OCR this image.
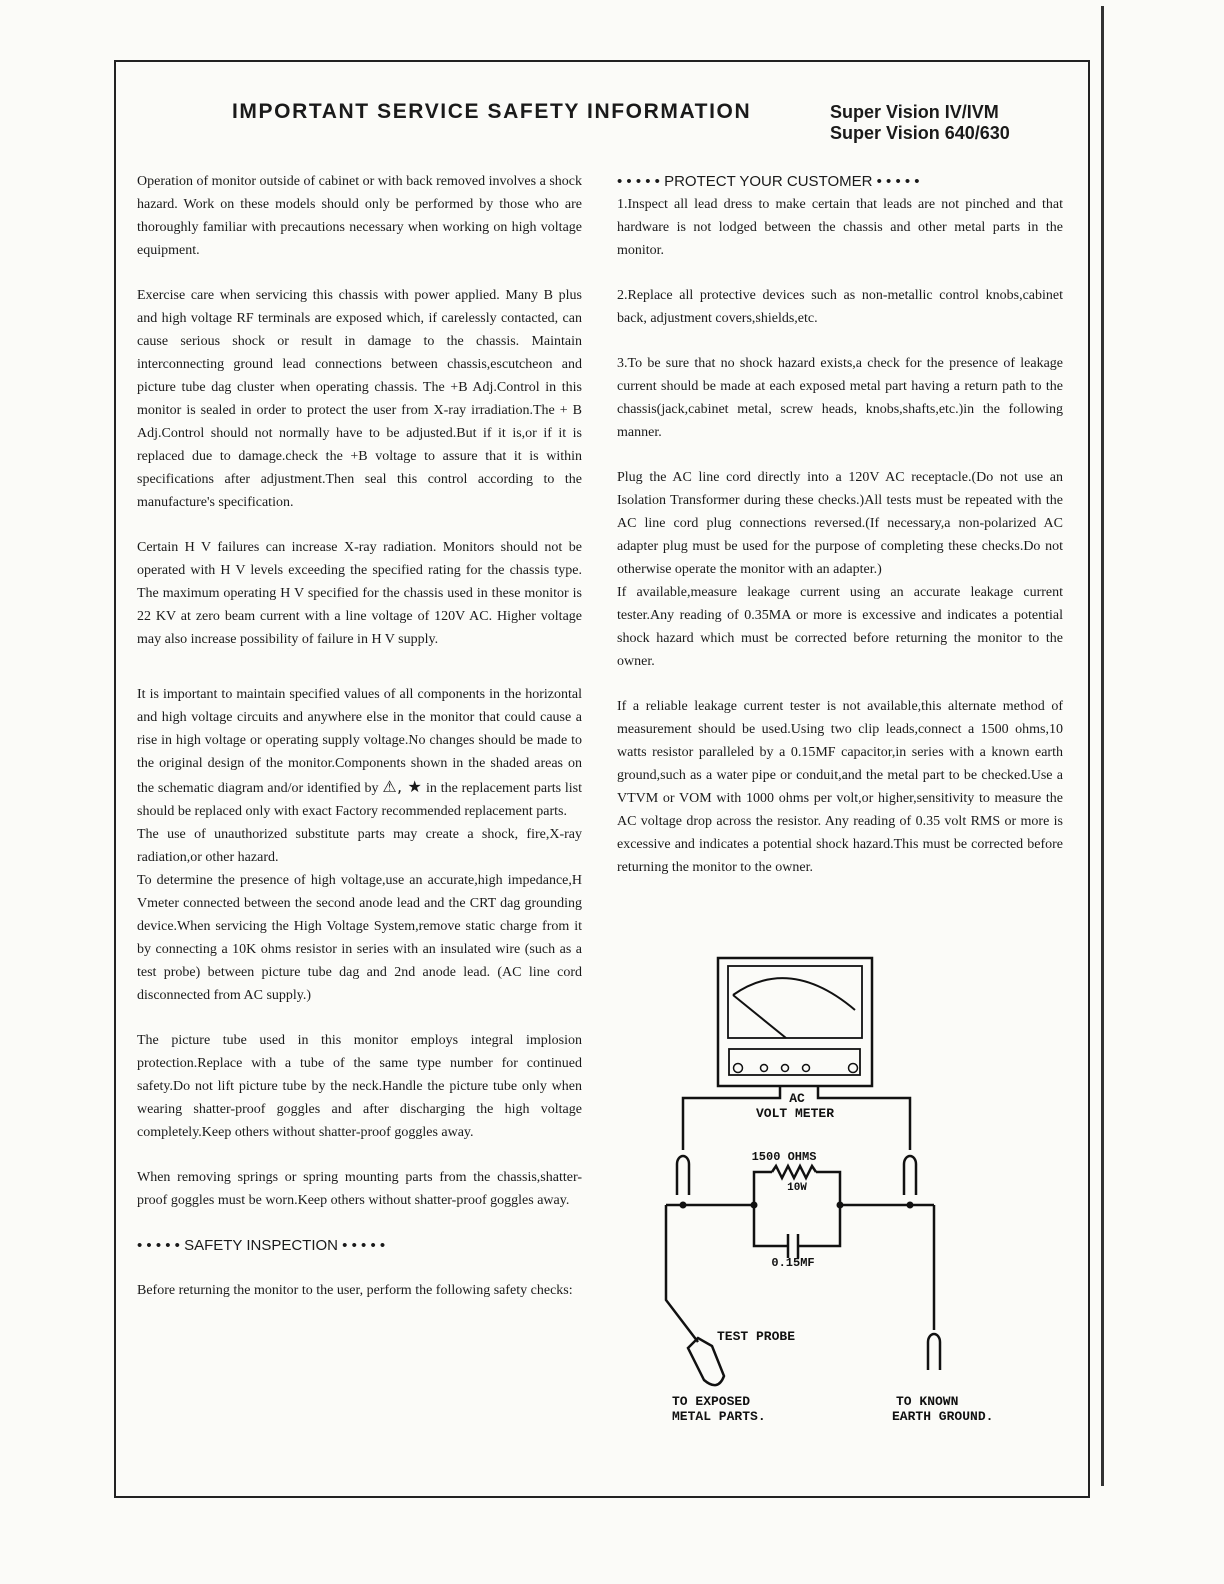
IMPORTANT SERVICE SAFETY INFORMATION	Super Vision IV/IVM
Super Vision 640/630

Operation of monitor outside of cabinet or with back removed involves a shock hazard. Work on these models should only be performed by those who are thoroughly familiar with precautions necessary when working on high voltage equipment.

Exercise care when servicing this chassis with power applied. Many B plus and high voltage RF terminals are exposed which, if carelessly contacted, can cause serious shock or result in damage to the chassis. Maintain interconnecting ground lead connections between chassis,escutcheon and picture tube dag cluster when operating chassis. The +B Adj.Control in this monitor is sealed in order to protect the user from X-ray irradiation.The + B Adj.Control should not normally have to be adjusted.But if it is,or if it is replaced due to damage.check the +B voltage to assure that it is within specifications after adjustment.Then seal this control according to the manufacture's specification.

Certain H V failures can increase X-ray radiation. Monitors should not be operated with H V levels exceeding the specified rating for the chassis type. The maximum operating H V specified for the chassis used in these monitor is 22 KV at zero beam current with a line voltage of 120V AC. Higher voltage may also increase possibility of failure in H V supply.

It is important to maintain specified values of all components in the horizontal and high voltage circuits and anywhere else in the monitor that could cause a rise in high voltage or operating supply voltage.No changes should be made to the original design of the monitor.Components shown in the shaded areas on the schematic diagram and/or identified by ⚠, ★ in the replacement parts list should be replaced only with exact Factory recommended replacement parts.

The use of unauthorized substitute parts may create a shock, fire,X-ray radiation,or other hazard.

To determine the presence of high voltage,use an accurate,high impedance,H Vmeter connected between the second anode lead and the CRT dag grounding device.When servicing the High Voltage System,remove static charge from it by connecting a 10K ohms resistor in series with an insulated wire (such as a test probe) between picture tube dag and 2nd anode lead. (AC line cord disconnected from AC supply.)

The picture tube used in this monitor employs integral implosion protection.Replace with a tube of the same type number for continued safety.Do not lift picture tube by the neck.Handle the picture tube only when wearing shatter-proof goggles and after discharging the high voltage completely.Keep others without shatter-proof goggles away.

When removing springs or spring mounting parts from the chassis,shatter-proof goggles must be worn.Keep others without shatter-proof goggles away.

• • • • • SAFETY INSPECTION • • • • •

Before returning the monitor to the user, perform the following safety checks:

• • • • • PROTECT YOUR CUSTOMER • • • • •

1.Inspect all lead dress to make certain that leads are not pinched and that hardware is not lodged between the chassis and other metal parts in the monitor.

2.Replace all protective devices such as non-metallic control knobs,cabinet back, adjustment covers,shields,etc.

3.To be sure that no shock hazard exists,a check for the presence of leakage current should be made at each exposed metal part having a return path to the chassis(jack,cabinet metal, screw heads, knobs,shafts,etc.)in the following manner.

Plug the AC line cord directly into a 120V AC receptacle.(Do not use an Isolation Transformer during these checks.)All tests must be repeated with the AC line cord plug connections reversed.(If necessary,a non-polarized AC adapter plug must be used for the purpose of completing these checks.Do not otherwise operate the monitor with an adapter.)

If available,measure leakage current using an accurate leakage current tester.Any reading of 0.35MA or more is excessive and indicates a potential shock hazard which must be corrected before returning the monitor to the owner.

If a reliable leakage current tester is not available,this alternate method of measurement should be used.Using two clip leads,connect a 1500 ohms,10 watts resistor paralleled by a 0.15MF capacitor,in series with a known earth ground,such as a water pipe or conduit,and the metal part to be checked.Use a VTVM or VOM with 1000 ohms per volt,or higher,sensitivity to measure the AC voltage drop across the resistor. Any reading of 0.35 volt RMS or more is excessive and indicates a potential shock hazard.This must be corrected before returning the monitor to the owner.

AC
VOLT METER
1500 OHMS
10W
0.15MF
TEST PROBE
TO EXPOSED
METAL PARTS.
TO KNOWN
EARTH GROUND.
